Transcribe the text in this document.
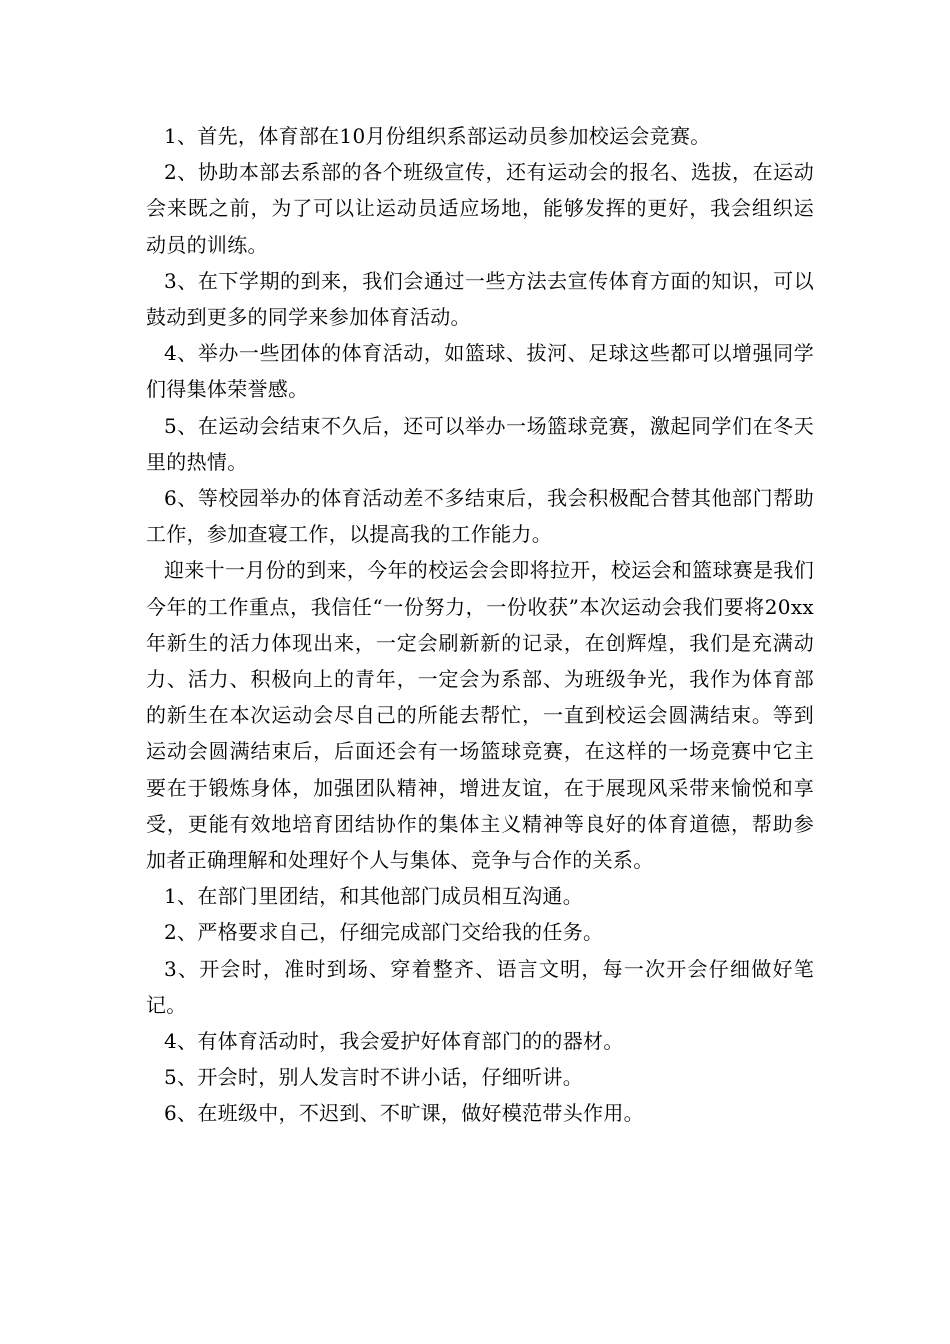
1、首先，体育部在10月份组织系部运动员参加校运会竞赛。

2、协助本部去系部的各个班级宣传，还有运动会的报名、选拔，在运动会来既之前，为了可以让运动员适应场地，能够发挥的更好，我会组织运动员的训练。

3、在下学期的到来，我们会通过一些方法去宣传体育方面的知识，可以鼓动到更多的同学来参加体育活动。

4、举办一些团体的体育活动，如篮球、拔河、足球这些都可以增强同学们得集体荣誉感。

5、在运动会结束不久后，还可以举办一场篮球竞赛，激起同学们在冬天里的热情。

6、等校园举办的体育活动差不多结束后，我会积极配合替其他部门帮助工作，参加查寝工作，以提高我的工作能力。

迎来十一月份的到来，今年的校运会会即将拉开，校运会和篮球赛是我们今年的工作重点，我信任“一份努力，一份收获”本次运动会我们要将20xx年新生的活力体现出来，一定会刷新新的记录，在创辉煌，我们是充满动力、活力、积极向上的青年，一定会为系部、为班级争光，我作为体育部的新生在本次运动会尽自己的所能去帮忙，一直到校运会圆满结束。等到运动会圆满结束后，后面还会有一场篮球竞赛，在这样的一场竞赛中它主要在于锻炼身体，加强团队精神，增进友谊，在于展现风采带来愉悦和享受，更能有效地培育团结协作的集体主义精神等良好的体育道德，帮助参加者正确理解和处理好个人与集体、竞争与合作的关系。

1、在部门里团结，和其他部门成员相互沟通。

2、严格要求自己，仔细完成部门交给我的任务。

3、开会时，准时到场、穿着整齐、语言文明，每一次开会仔细做好笔记。

4、有体育活动时，我会爱护好体育部门的的器材。

5、开会时，别人发言时不讲小话，仔细听讲。

6、在班级中，不迟到、不旷课，做好模范带头作用。
